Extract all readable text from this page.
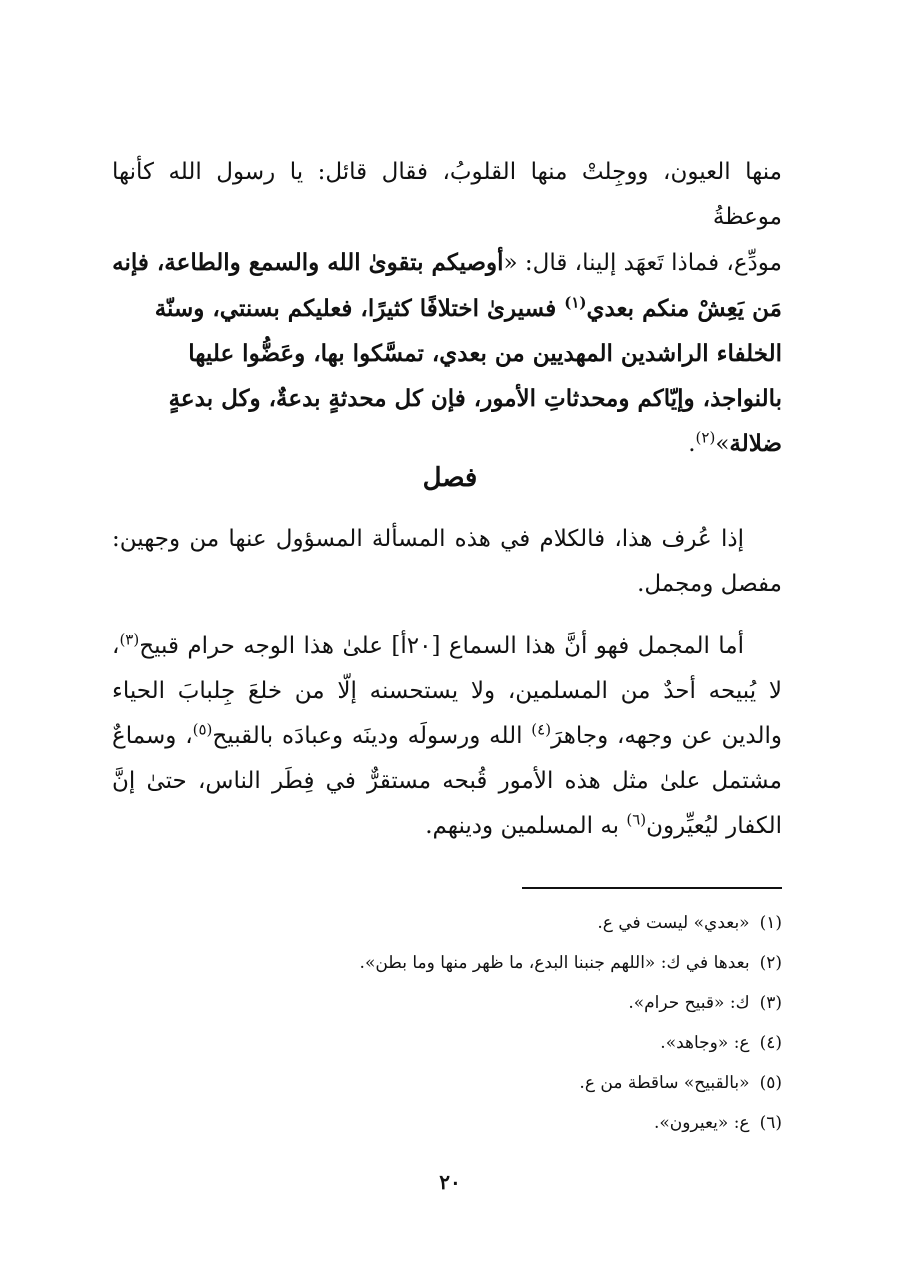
منها العيون، ووجِلتْ منها القلوبُ، فقال قائل: يا رسول الله كأنها موعظةُ
مودِّع، فماذا تَعهَد إلينا، قال: «أوصيكم بتقوىٰ الله والسمع والطاعة، فإنه
مَن يَعِشْ منكم بعدي$^{(١)}$ فسيرىٰ اختلافًا كثيرًا، فعليكم بسنتي، وسنّة
الخلفاء الراشدين المهديين من بعدي، تمسَّكوا بها، وعَضُّوا عليها
بالنواجذ، وإيّاكم ومحدثاتِ الأمور، فإن كل محدثةٍ بدعةٌ، وكل بدعةٍ
ضلالة»$^{(٢)}$.
فصل
إذا عُرف هذا، فالكلام في هذه المسألة المسؤول عنها من وجهين: مفصل ومجمل.
أما المجمل فهو أنَّ هذا السماع [٢٠أ] علىٰ هذا الوجه حرام قبيح$^{(٣)}$، لا يُبيحه أحدٌ من المسلمين، ولا يستحسنه إلّا من خلعَ جِلبابَ الحياء والدين عن وجهه، وجاهرَ$^{(٤)}$ الله ورسولَه ودينَه وعبادَه بالقبيح$^{(٥)}$، وسماعٌ مشتمل علىٰ مثل هذه الأمور قُبحه مستقرٌّ في فِطَر الناس، حتىٰ إنَّ الكفار ليُعيِّرون$^{(٦)}$ به المسلمين ودينهم.
(١)«بعدي» ليست في ع.
(٢)بعدها في ك: «اللهم جنبنا البدع، ما ظهر منها وما بطن».
(٣)ك: «قبيح حرام».
(٤)ع: «وجاهد».
(٥)«بالقبيح» ساقطة من ع.
(٦)ع: «يعيرون».
٢٠
